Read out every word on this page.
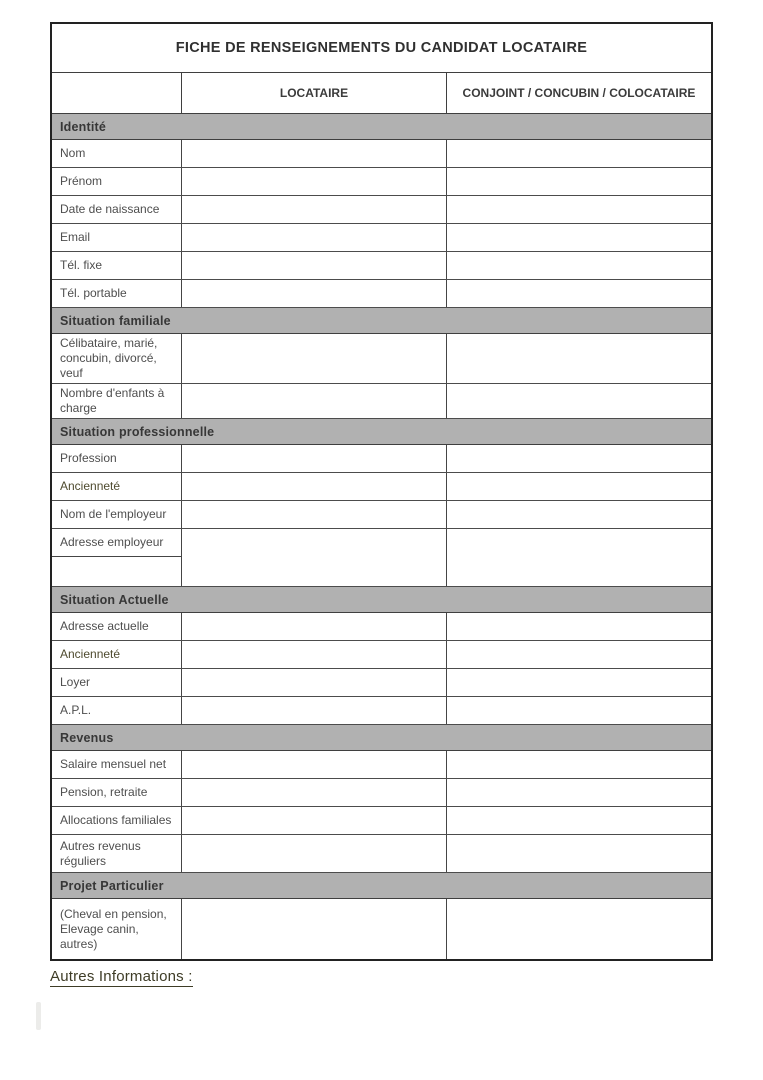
FICHE DE RENSEIGNEMENTS DU CANDIDAT LOCATAIRE
LOCATAIRE	CONJOINT / CONCUBIN / COLOCATAIRE
Identité
Nom
Prénom
Date de naissance
Email
Tél. fixe
Tél. portable
Situation familiale
Célibataire, marié, concubin, divorcé, veuf
Nombre d'enfants à charge
Situation professionnelle
Profession
Ancienneté
Nom de l'employeur
Adresse employeur
Situation Actuelle
Adresse actuelle
Ancienneté
Loyer
A.P.L.
Revenus
Salaire mensuel net
Pension, retraite
Allocations familiales
Autres revenus réguliers
Projet Particulier
(Cheval en pension, Elevage canin, autres)
Autres Informations :
